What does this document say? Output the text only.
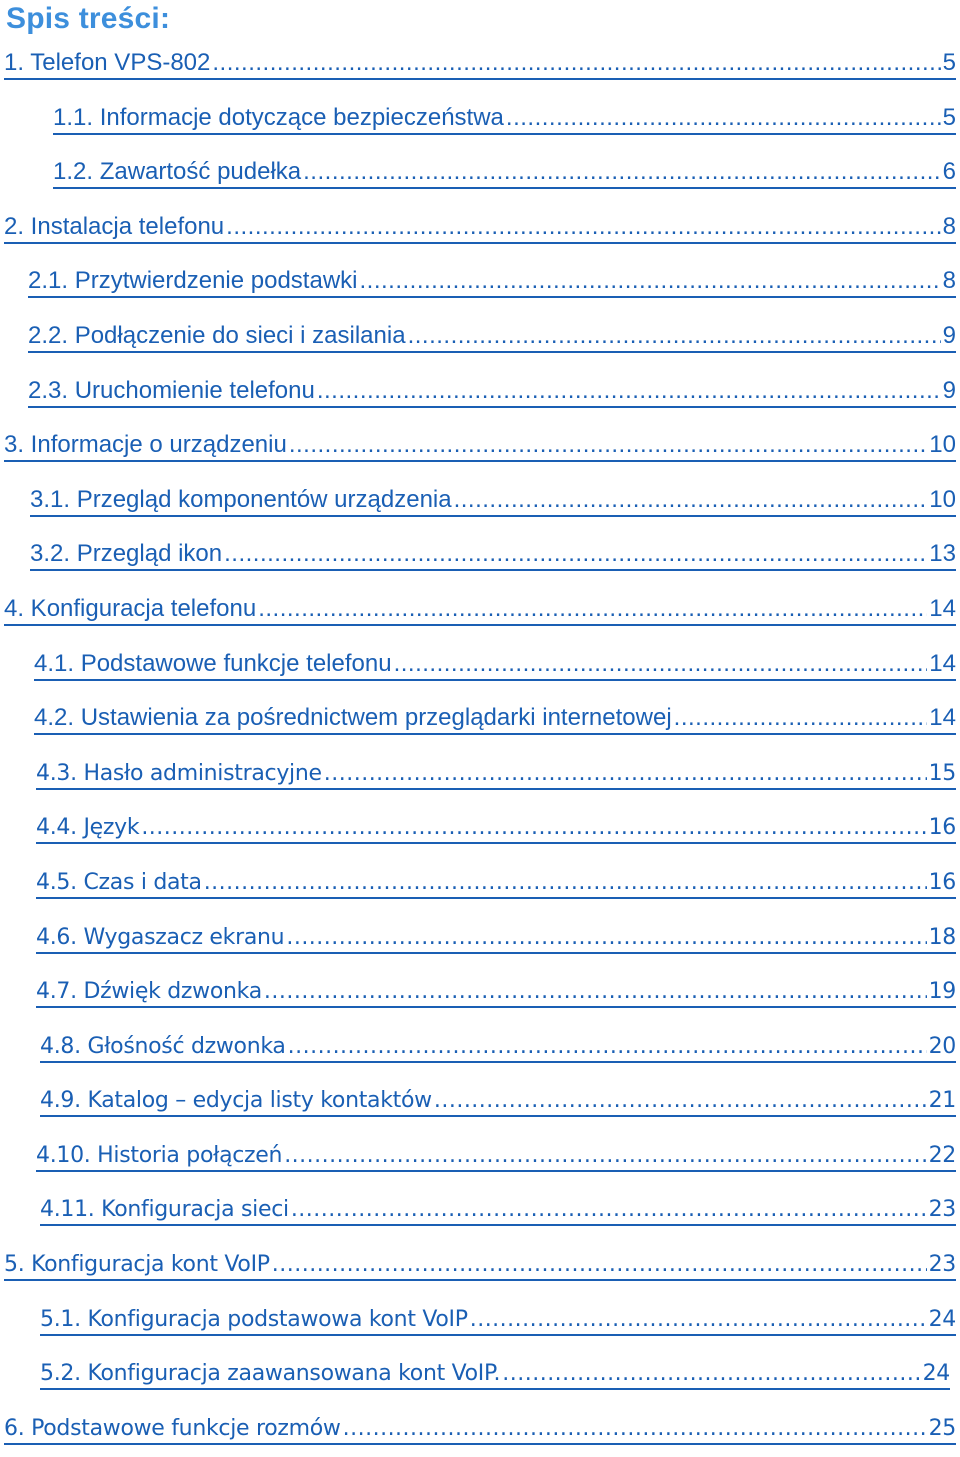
Spis treści:
1. Telefon VPS-802 .....	5
1.1. Informacje dotyczące bezpieczeństwa .....	5
1.2. Zawartość pudełka .....	6
2. Instalacja telefonu .....	8
2.1. Przytwierdzenie podstawki .....	8
2.2. Podłączenie do sieci i zasilania .....	9
2.3. Uruchomienie telefonu .....	9
3. Informacje o urządzeniu .....	10
3.1. Przegląd komponentów urządzenia .....	10
3.2. Przegląd ikon .....	13
4. Konfiguracja telefonu .....	14
4.1. Podstawowe funkcje telefonu .....	14
4.2. Ustawienia za pośrednictwem przeglądarki internetowej .....	14
4.3. Hasło administracyjne .....	15
4.4. Język .....	16
4.5. Czas i data .....	16
4.6. Wygaszacz ekranu .....	18
4.7. Dźwięk dzwonka .....	19
4.8. Głośność dzwonka .....	20
4.9. Katalog – edycja listy kontaktów .....	21
4.10. Historia połączeń .....	22
4.11. Konfiguracja sieci .....	23
5. Konfiguracja kont VoIP .....	23
5.1. Konfiguracja podstawowa kont VoIP .....	24
5.2. Konfiguracja zaawansowana kont VoIP. .....	24
6. Podstawowe funkcje rozmów .....	25
